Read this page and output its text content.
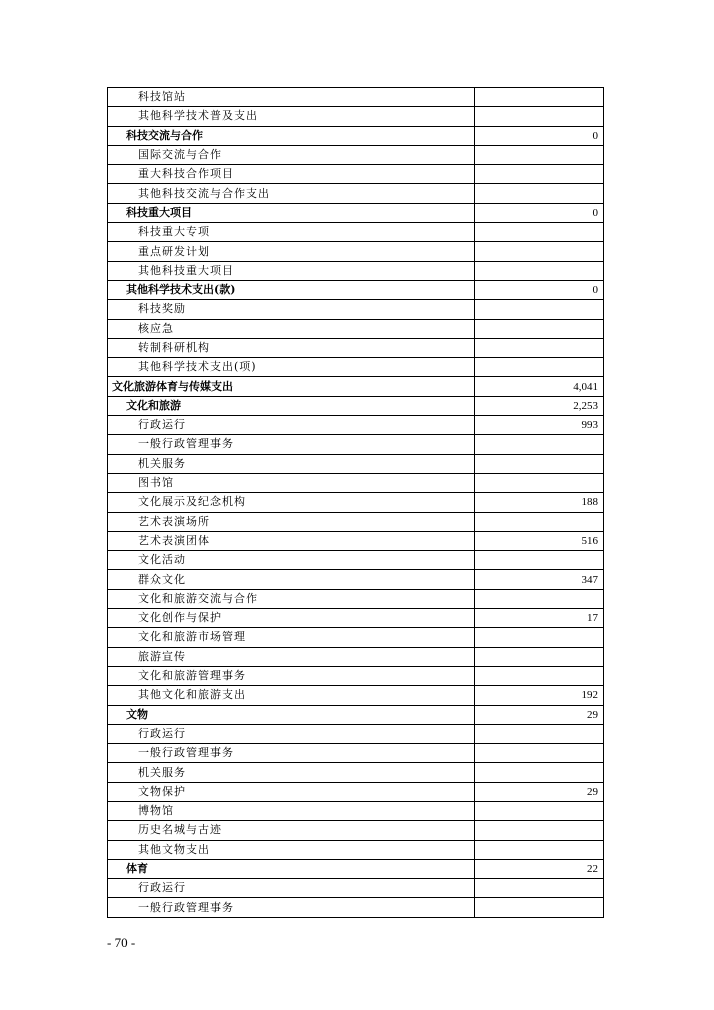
科技馆站	
其他科学技术普及支出	
科技交流与合作	0
国际交流与合作	
重大科技合作项目	
其他科技交流与合作支出	
科技重大项目	0
科技重大专项	
重点研发计划	
其他科技重大项目	
其他科学技术支出(款)	0
科技奖励	
核应急	
转制科研机构	
其他科学技术支出(项)	
文化旅游体育与传媒支出	4,041
文化和旅游	2,253
行政运行	993
一般行政管理事务	
机关服务	
图书馆	
文化展示及纪念机构	188
艺术表演场所	
艺术表演团体	516
文化活动	
群众文化	347
文化和旅游交流与合作	
文化创作与保护	17
文化和旅游市场管理	
旅游宣传	
文化和旅游管理事务	
其他文化和旅游支出	192
文物	29
行政运行	
一般行政管理事务	
机关服务	
文物保护	29
博物馆	
历史名城与古迹	
其他文物支出	
体育	22
行政运行	
一般行政管理事务	
- 70 -
